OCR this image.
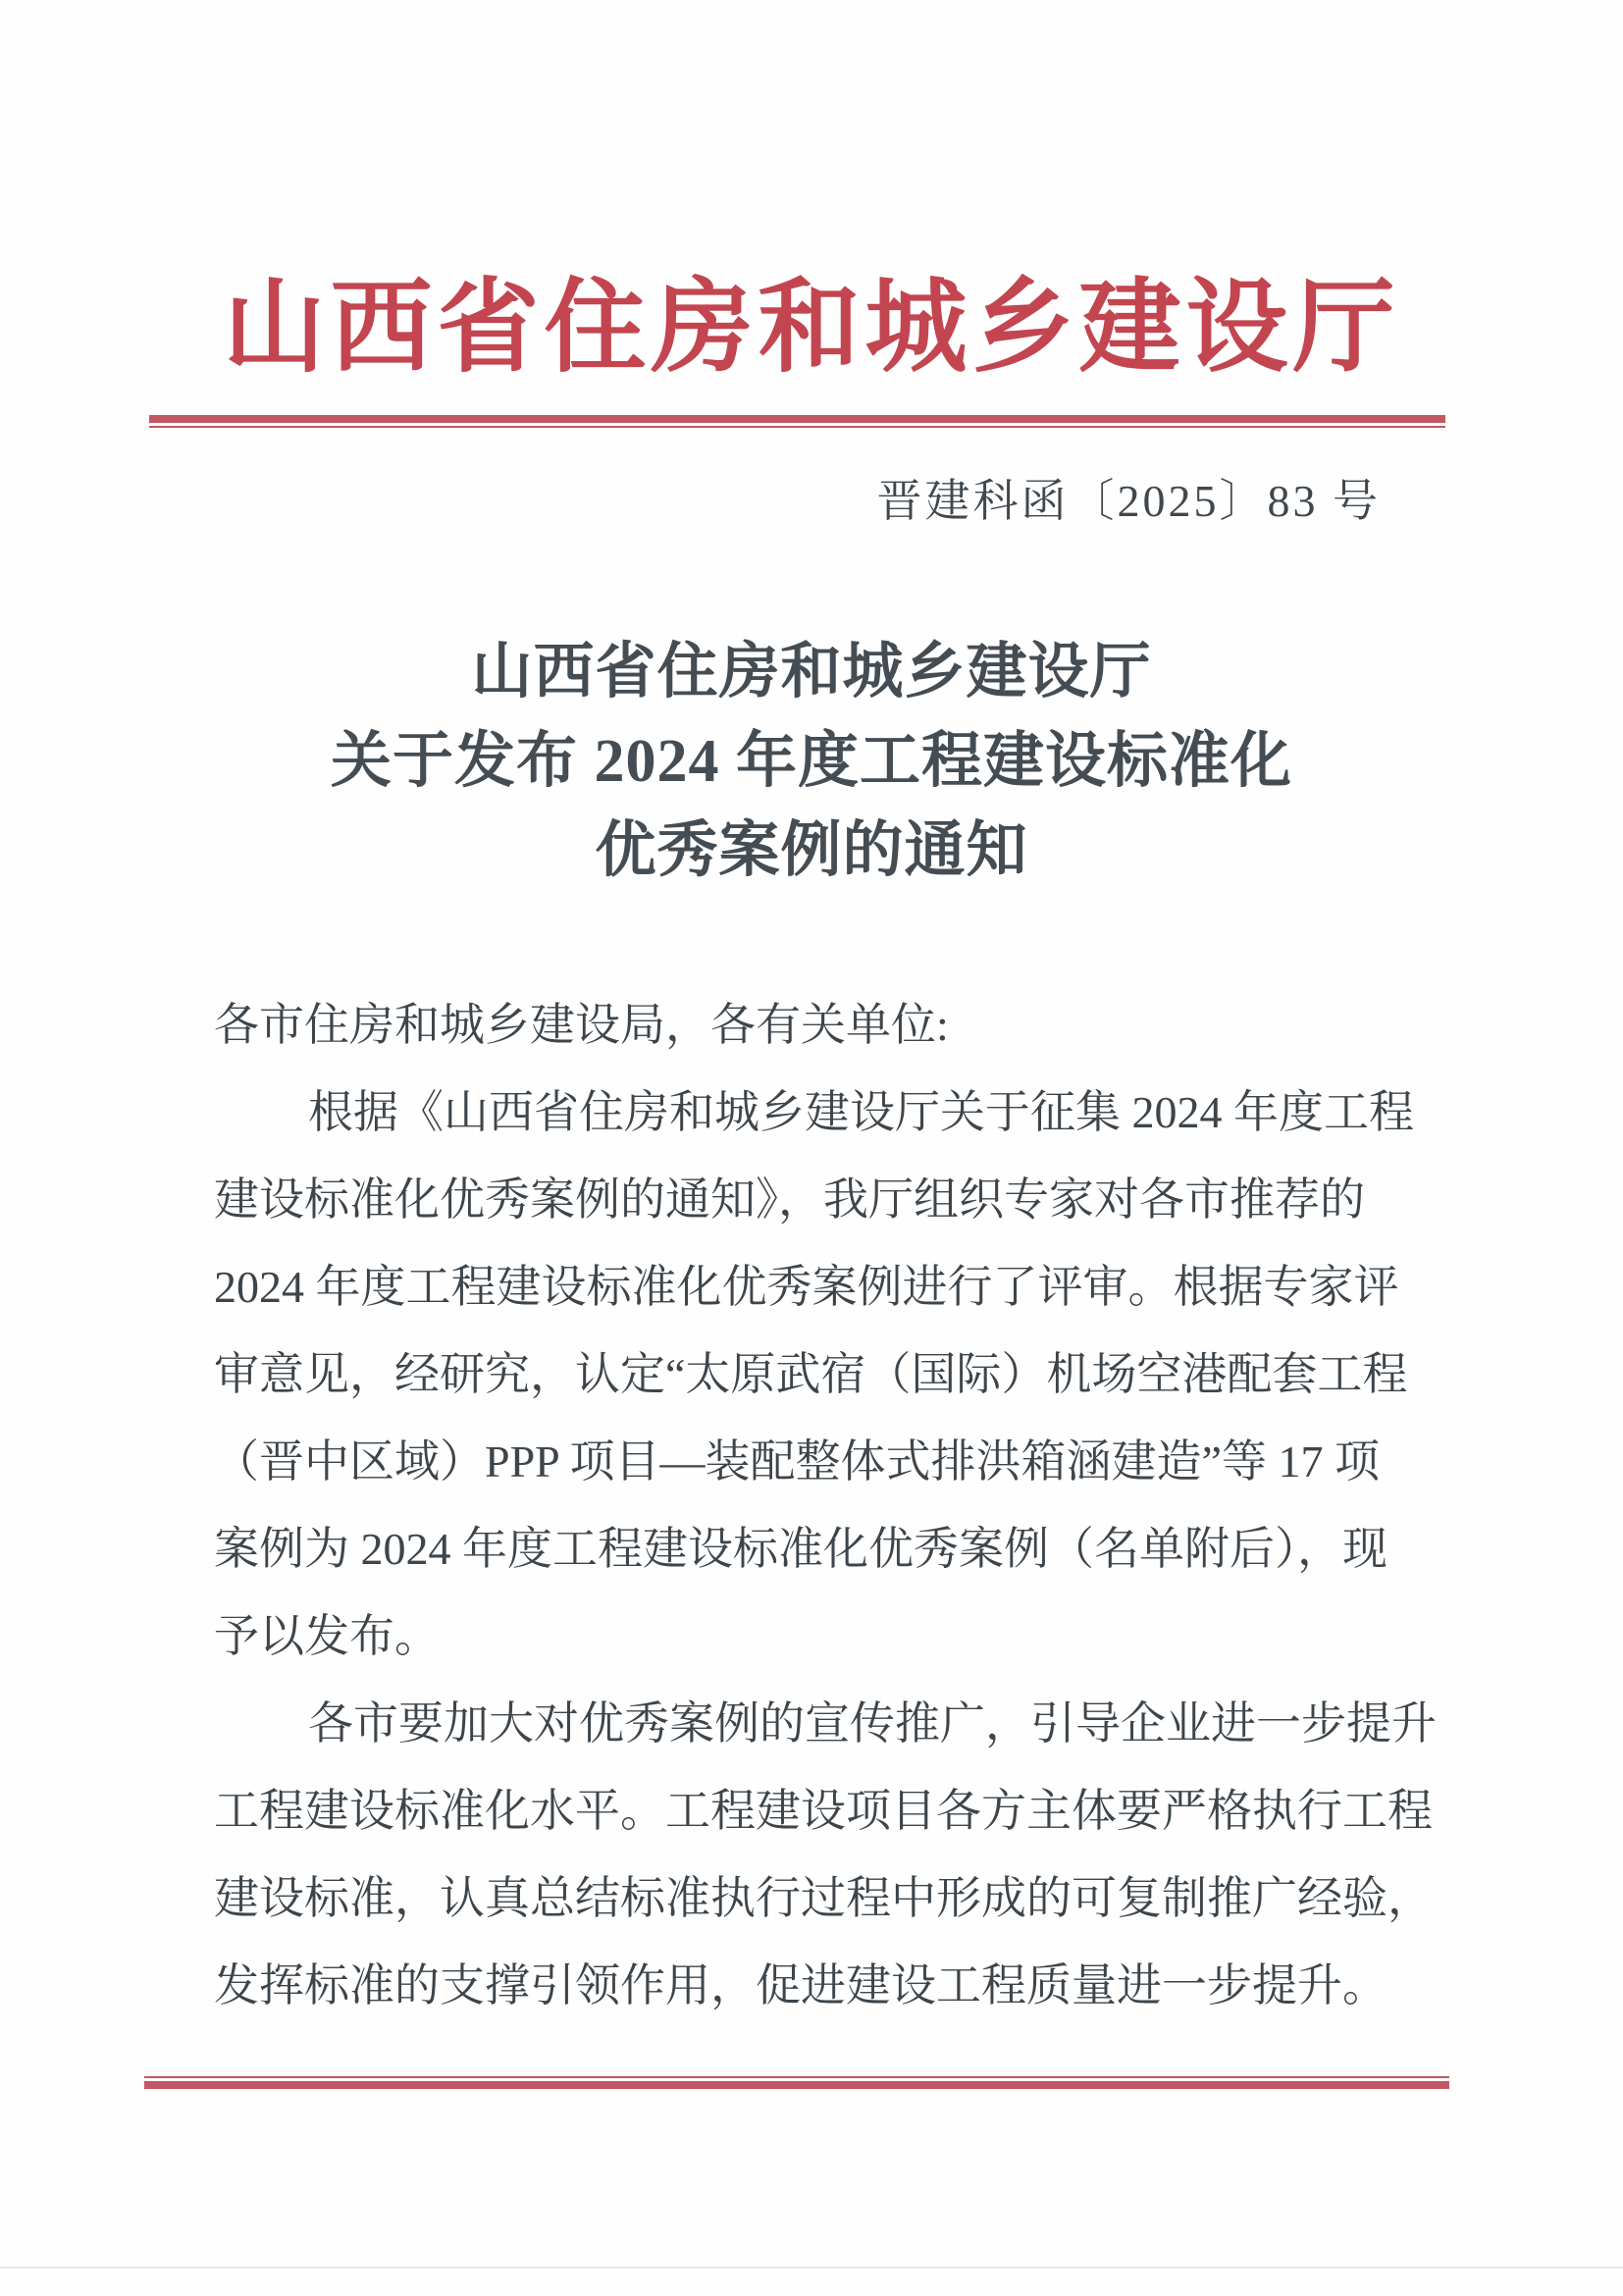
山西省住房和城乡建设厅
晋建科函〔2025〕83 号
山西省住房和城乡建设厅
关于发布 2024 年度工程建设标准化
优秀案例的通知
各市住房和城乡建设局，各有关单位:
根据《山西省住房和城乡建设厅关于征集 2024 年度工程
建设标准化优秀案例的通知》，我厅组织专家对各市推荐的
2024 年度工程建设标准化优秀案例进行了评审。根据专家评
审意见，经研究，认定“太原武宿（国际）机场空港配套工程
（晋中区域）PPP 项目—装配整体式排洪箱涵建造”等 17 项
案例为 2024 年度工程建设标准化优秀案例（名单附后），现
予以发布。
各市要加大对优秀案例的宣传推广，引导企业进一步提升
工程建设标准化水平。工程建设项目各方主体要严格执行工程
建设标准，认真总结标准执行过程中形成的可复制推广经验，
发挥标准的支撑引领作用，促进建设工程质量进一步提升。
